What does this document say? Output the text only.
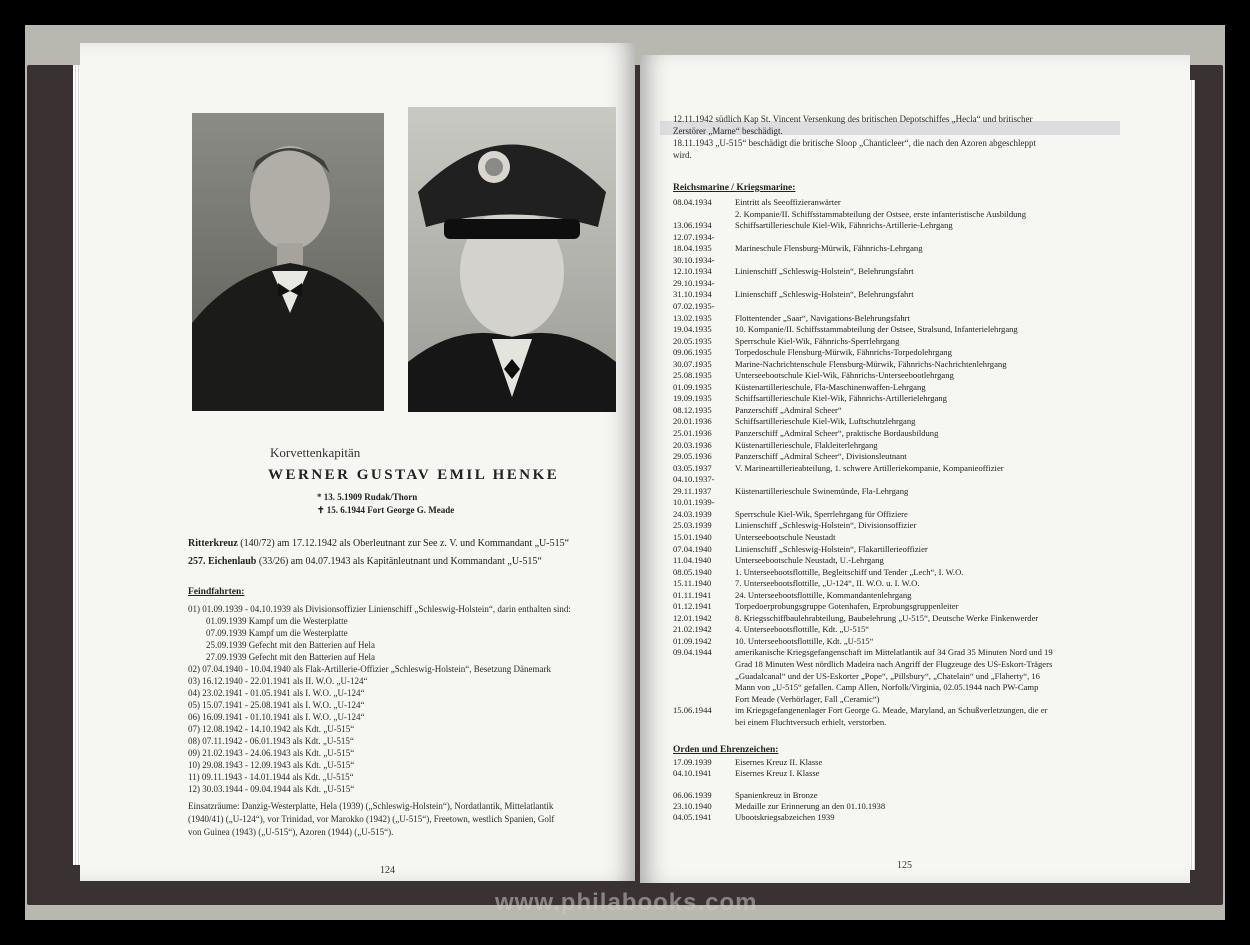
Korvettenkapitän
WERNER GUSTAV EMIL HENKE
* 13. 5.1909 Rudak/Thorn
✝ 15. 6.1944 Fort George G. Meade
Ritterkreuz (140/72) am 17.12.1942 als Oberleutnant zur See z. V. und Kommandant „U-515“
257. Eichenlaub (33/26) am 04.07.1943 als Kapitänleutnant und Kommandant „U-515“
Feindfahrten:
01) 01.09.1939 - 04.10.1939 als Divisionsoffizier Linienschiff „Schleswig-Holstein“, darin enthalten sind:
01.09.1939 Kampf um die Westerplatte
07.09.1939 Kampf um die Westerplatte
25.09.1939 Gefecht mit den Batterien auf Hela
27.09.1939 Gefecht mit den Batterien auf Hela
02) 07.04.1940 - 10.04.1940 als Flak-Artillerie-Offizier „Schleswig-Holstein“, Besetzung Dänemark
03) 16.12.1940 - 22.01.1941 als II. W.O. „U-124“
04) 23.02.1941 - 01.05.1941 als I. W.O. „U-124“
05) 15.07.1941 - 25.08.1941 als I. W.O. „U-124“
06) 16.09.1941 - 01.10.1941 als I. W.O. „U-124“
07) 12.08.1942 - 14.10.1942 als Kdt. „U-515“
08) 07.11.1942 - 06.01.1943 als Kdt. „U-515“
09) 21.02.1943 - 24.06.1943 als Kdt. „U-515“
10) 29.08.1943 - 12.09.1943 als Kdt. „U-515“
11) 09.11.1943 - 14.01.1944 als Kdt. „U-515“
12) 30.03.1944 - 09.04.1944 als Kdt. „U-515“
Einsatzräume: Danzig-Westerplatte, Hela (1939) („Schleswig-Holstein“), Nordatlantik, Mittelatlantik
(1940/41) („U-124“), vor Trinidad, vor Marokko (1942) („U-515“), Freetown, westlich Spanien, Golf
von Guinea (1943) („U-515“), Azoren (1944) („U-515“).
124
12.11.1942 südlich Kap St. Vincent Versenkung des britischen Depotschiffes „Hecla“ und britischer
Zerstörer „Marne“ beschädigt.
18.11.1943 „U-515“ beschädigt die britische Sloop „Chanticleer“, die nach den Azoren abgeschleppt
wird.
Reichsmarine / Kriegsmarine:
08.04.1934	Eintritt als Seeoffizieranwärter
2. Kompanie/II. Schiffsstammabteilung der Ostsee, erste infanteristische Ausbildung
13.06.1934	Schiffsartillerieschule Kiel-Wik, Fähnrichs-Artillerie-Lehrgang
12.07.1934-
18.04.1935	Marineschule Flensburg-Mürwik, Fähnrichs-Lehrgang
30.10.1934-
12.10.1934	Linienschiff „Schleswig-Holstein“, Belehrungsfahrt
29.10.1934-
31.10.1934	Linienschiff „Schleswig-Holstein“, Belehrungsfahrt
07.02.1935-
13.02.1935	Flottentender „Saar“, Navigations-Belehrungsfahrt
19.04.1935	10. Kompanie/II. Schiffsstammabteilung der Ostsee, Stralsund, Infanterielehrgang
20.05.1935	Sperrschule Kiel-Wik, Fähnrichs-Sperrlehrgang
09.06.1935	Torpedoschule Flensburg-Mürwik, Fähnrichs-Torpedolehrgang
30.07.1935	Marine-Nachrichtenschule Flensburg-Mürwik, Fähnrichs-Nachrichtenlehrgang
25.08.1935	Unterseebootschule Kiel-Wik, Fähnrichs-Unterseebootlehrgang
01.09.1935	Küstenartillerieschule, Fla-Maschinenwaffen-Lehrgang
19.09.1935	Schiffsartillerieschule Kiel-Wik, Fähnrichs-Artillerielehrgang
08.12.1935	Panzerschiff „Admiral Scheer“
20.01.1936	Schiffsartillerieschule Kiel-Wik, Luftschutzlehrgang
25.01.1936	Panzerschiff „Admiral Scheer“, praktische Bordausbildung
20.03.1936	Küstenartillerieschule, Flakleiterlehrgang
29.05.1936	Panzerschiff „Admiral Scheer“, Divisionsleutnant
03.05.1937	V. Marineartillerieabteilung, 1. schwere Artilleriekompanie, Kompanieoffizier
04.10.1937-
29.11.1937	Küstenartillerieschule Swinemünde, Fla-Lehrgang
10.01.1939-
24.03.1939	Sperrschule Kiel-Wik, Sperrlehrgang für Offiziere
25.03.1939	Linienschiff „Schleswig-Holstein“, Divisionsoffizier
15.01.1940	Unterseebootschule Neustadt
07.04.1940	Linienschiff „Schleswig-Holstein“, Flakartillerieoffizier
11.04.1940	Unterseebootschule Neustadt, U.-Lehrgang
08.05.1940	1. Unterseebootsflottille, Begleitschiff und Tender „Lech“, I. W.O.
15.11.1940	7. Unterseebootsflottille, „U-124“, II. W.O. u. I. W.O.
01.11.1941	24. Unterseebootsflottille, Kommandantenlehrgang
01.12.1941	Torpedoerprobungsgruppe Gotenhafen, Erprobungsgruppenleiter
12.01.1942	8. Kriegsschiffbaulehrabteilung, Baubelehrung „U-515“, Deutsche Werke Finkenwerder
21.02.1942	4. Unterseebootsflottille, Kdt. „U-515“
01.09.1942	10. Unterseebootsflottille, Kdt. „U-515“
09.04.1944	amerikanische Kriegsgefangenschaft im Mittelatlantik auf 34 Grad 35 Minuten Nord und 19
Grad 18 Minuten West nördlich Madeira nach Angriff der Flugzeuge des US-Eskort-Trägers
„Guadalcanal“ und der US-Eskorter „Pope“, „Pillsbury“, „Chatelain“ und „Flaherty“, 16
Mann von „U-515“ gefallen. Camp Allen, Norfolk/Virginia, 02.05.1944 nach PW-Camp
Fort Meade (Verhörlager, Fall „Ceramic“)
15.06.1944	im Kriegsgefangenenlager Fort George G. Meade, Maryland, an Schußverletzungen, die er
bei einem Fluchtversuch erhielt, verstorben.
Orden und Ehrenzeichen:
17.09.1939	Eisernes Kreuz II. Klasse
04.10.1941	Eisernes Kreuz I. Klasse
06.06.1939	Spanienkreuz in Bronze
23.10.1940	Medaille zur Erinnerung an den 01.10.1938
04.05.1941	Ubootskriegsabzeichen 1939
125
www.philabooks.com
